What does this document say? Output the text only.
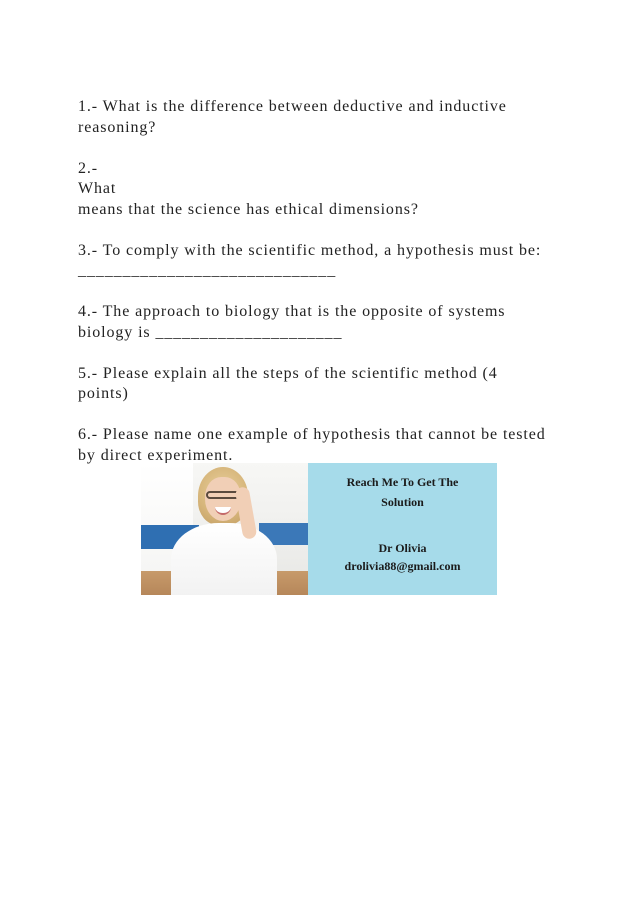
1.- What is the difference between deductive and inductive
reasoning?
2.-
What
means that the science has ethical dimensions?
3.- To comply with the scientific method, a hypothesis must be:
_____________________________
4.- The approach to biology that is the opposite of systems
biology is _____________________
5.- Please explain all the steps of the scientific method (4
points)
6.- Please name one example of hypothesis that cannot be tested
by direct experiment.
Reach Me To Get The
Solution
Dr Olivia
drolivia88@gmail.com
